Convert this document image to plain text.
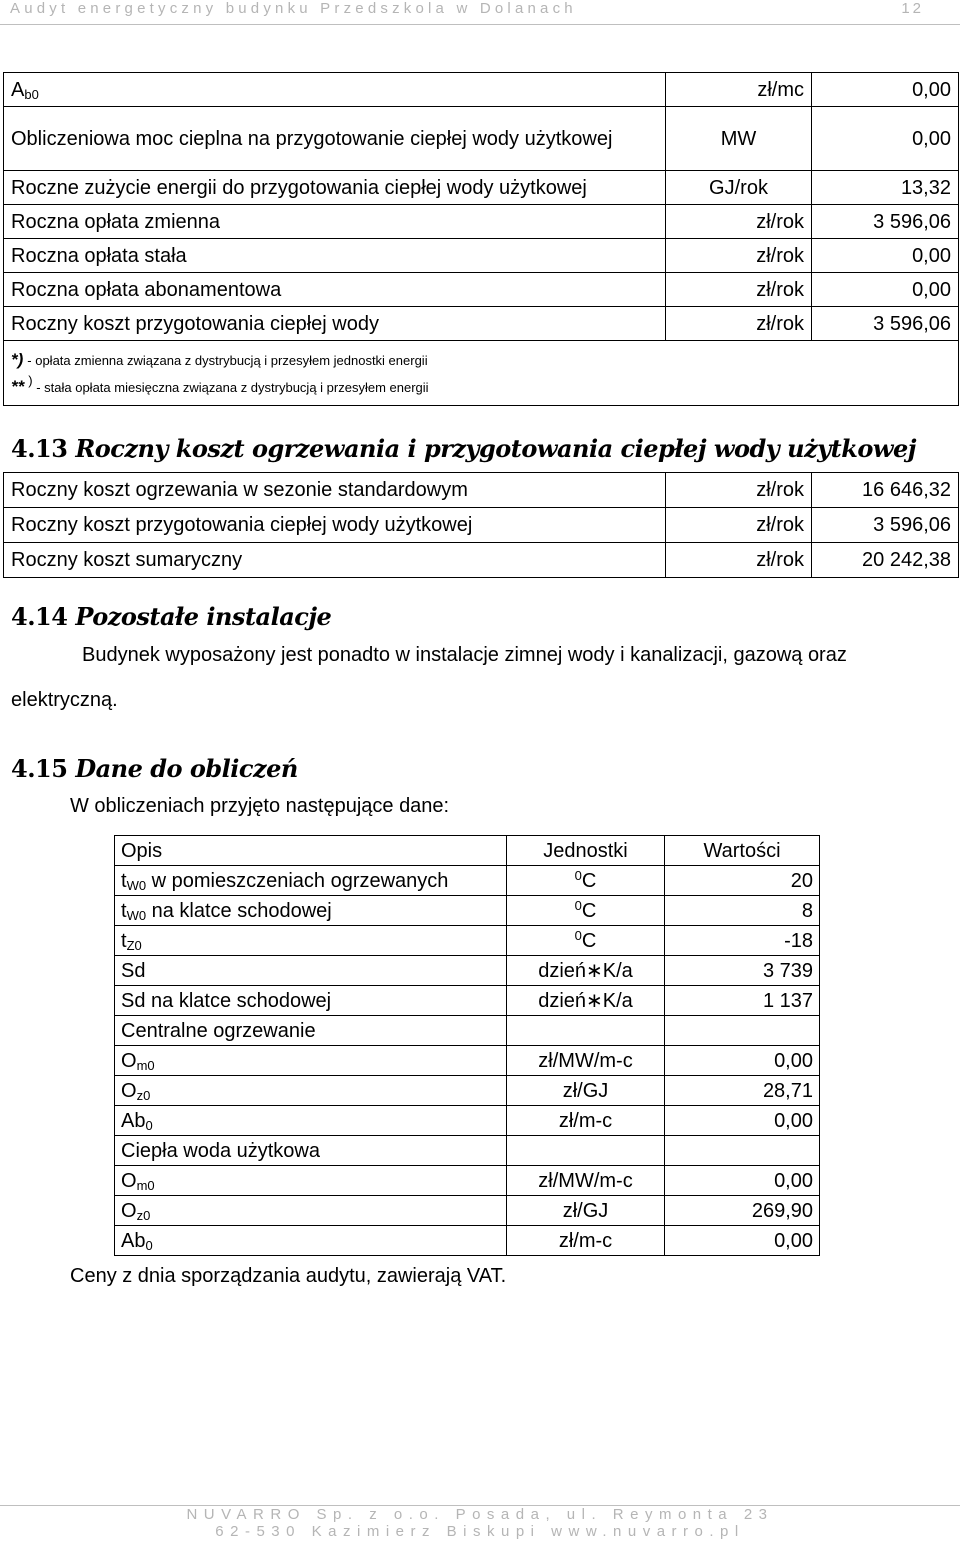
Audyt energetyczny budynku Przedszkola w Dolanach	12
$A_{b0}$	zł/mc	0,00
Obliczeniowa moc cieplna na przygotowanie ciepłej wody użytkowej	MW	0,00
Roczne zużycie energii do przygotowania ciepłej wody użytkowej	GJ/rok	13,32
Roczna opłata zmienna	zł/rok	3 596,06
Roczna opłata stała	zł/rok	0,00
Roczna opłata abonamentowa	zł/rok	0,00
Roczny koszt przygotowania ciepłej wody	zł/rok	3 596,06

*) - opłata zmienna związana z dystrybucją i przesyłem jednostki energii
** ) - stała opłata miesięczna związana z dystrybucją i przesyłem energii		
4.13 Roczny koszt ogrzewania i przygotowania ciepłej wody użytkowej
Roczny koszt ogrzewania w sezonie standardowym	zł/rok	16 646,32
Roczny koszt przygotowania ciepłej wody użytkowej	zł/rok	3 596,06
Roczny koszt sumaryczny	zł/rok	20 242,38
4.14 Pozostałe instalacje
Budynek wyposażony jest ponadto w instalacje zimnej wody i kanalizacji, gazową oraz
elektryczną.
4.15 Dane do obliczeń
W obliczeniach przyjęto następujące dane:
Opis	Jednostki	Wartości
$t_{W0}$ w pomieszczeniach ogrzewanych	$^0$C	20
$t_{W0}$ na klatce schodowej	$^0$C	8
$t_{Z0}$	$^0$C	-18
Sd	dzień∗K/a	3 739
Sd na klatce schodowej	dzień∗K/a	1 137
Centralne ogrzewanie		
$O_{m0}$	zł/MW/m-c	0,00
$O_{z0}$	zł/GJ	28,71
$Ab_0$	zł/m-c	0,00
Ciepła woda użytkowa		
$O_{m0}$	zł/MW/m-c	0,00
$O_{z0}$	zł/GJ	269,90
$Ab_0$	zł/m-c	0,00
Ceny z dnia sporządzania audytu, zawierają VAT.
NUVARRO Sp. z o.o. Posada, ul. Reymonta 23
62-530 Kazimierz Biskupi www.nuvarro.pl
